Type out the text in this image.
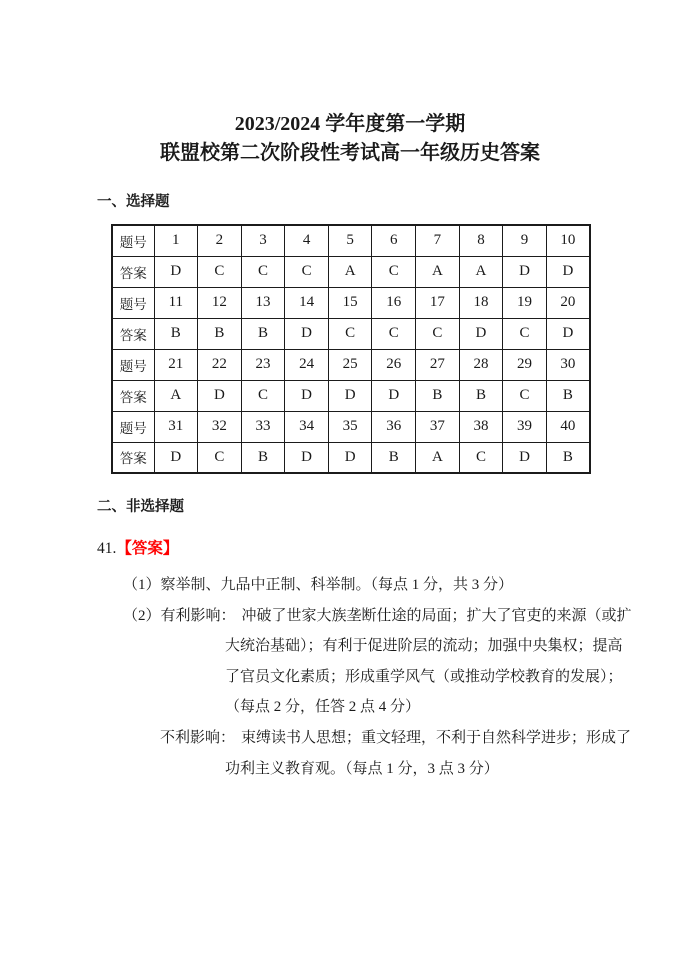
2023/2024 学年度第一学期
联盟校第二次阶段性考试高一年级历史答案
一、选择题
题号	1	2	3	4	5	6	7	8	9	10
答案	D	C	C	C	A	C	A	A	D	D
题号	11	12	13	14	15	16	17	18	19	20
答案	B	B	B	D	C	C	C	D	C	D
题号	21	22	23	24	25	26	27	28	29	30
答案	A	D	C	D	D	D	B	B	C	B
题号	31	32	33	34	35	36	37	38	39	40
答案	D	C	B	D	D	B	A	C	D	B
二、非选择题
41.【答案】
（1）察举制、九品中正制、科举制。（每点 1 分，共 3 分）
（2）有利影响： 冲破了世家大族垄断仕途的局面；扩大了官吏的来源（或扩
大统治基础）；有利于促进阶层的流动；加强中央集权；提高
了官员文化素质；形成重学风气（或推动学校教育的发展）；
（每点 2 分，任答 2 点 4 分）
不利影响： 束缚读书人思想；重文轻理，不利于自然科学进步；形成了
功利主义教育观。（每点 1 分，3 点 3 分）
